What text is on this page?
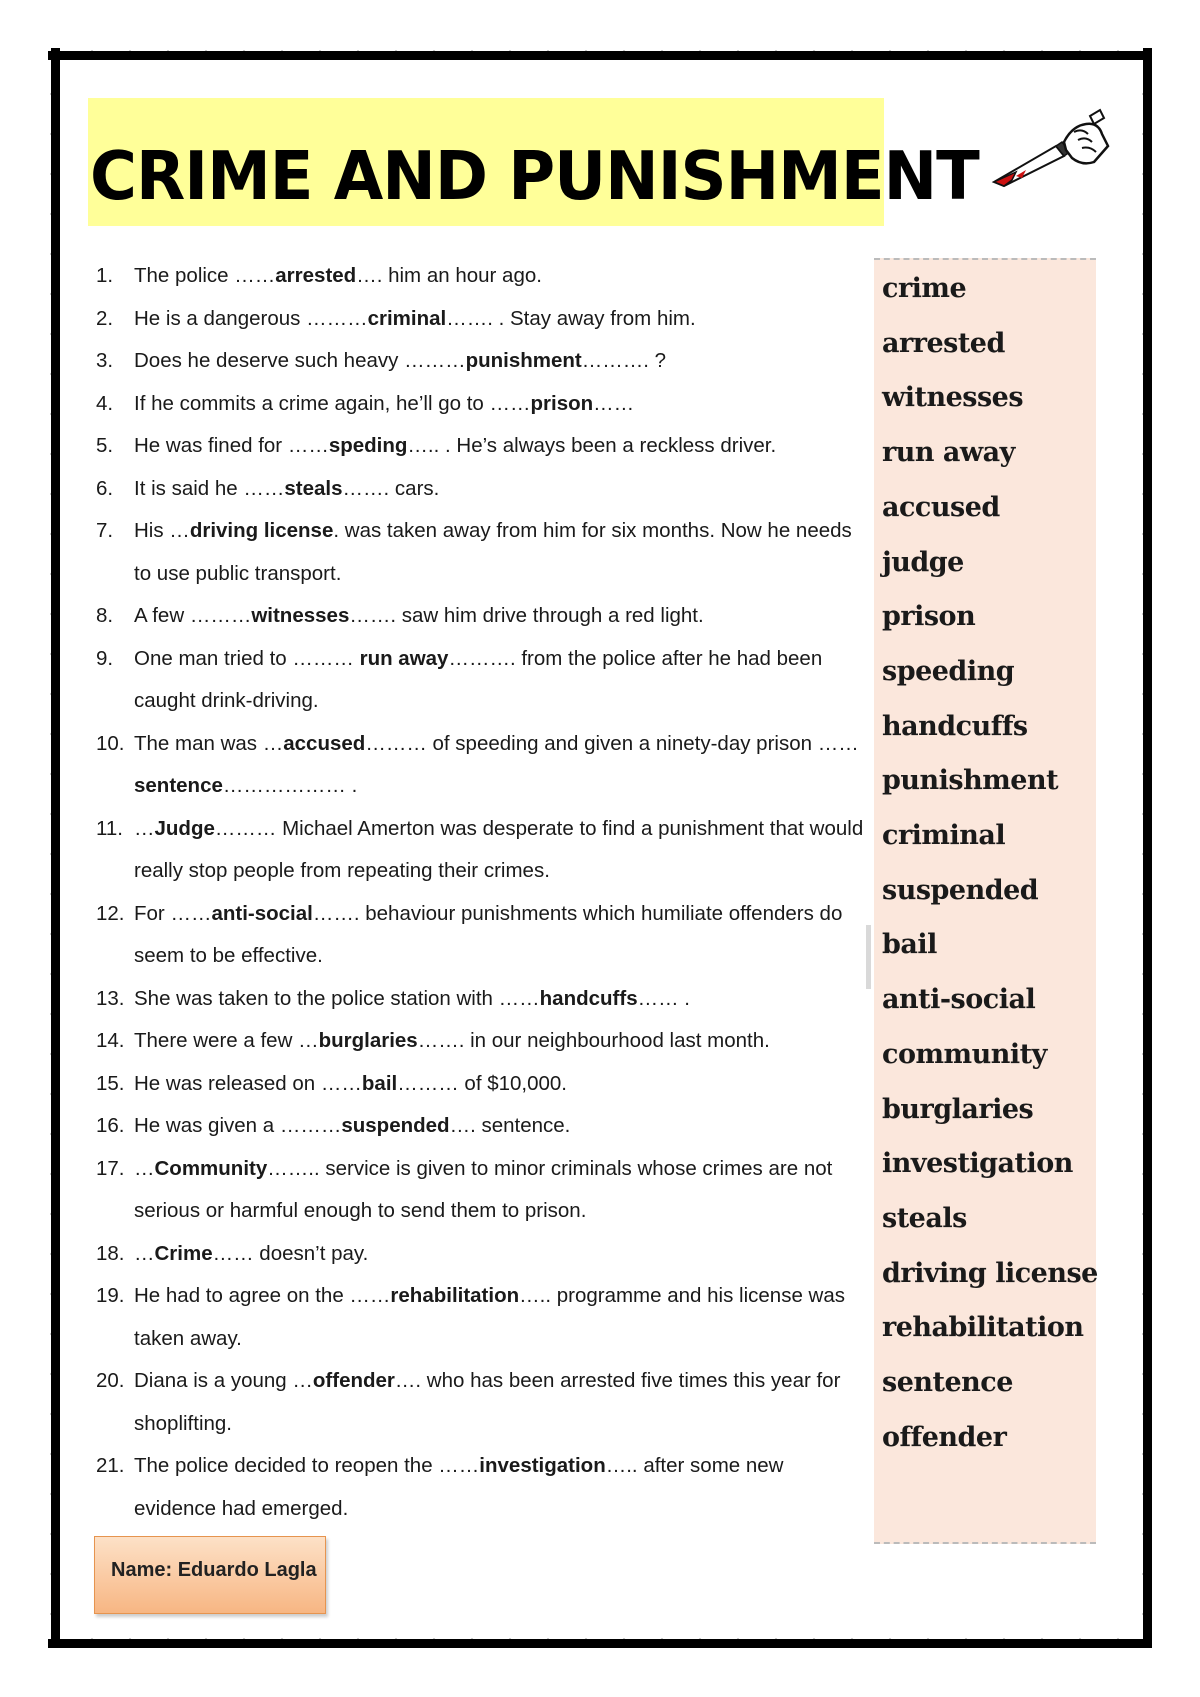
CRIME AND PUNISHMENT
1. The police ……arrested…. him an hour ago.
2. He is a dangerous ………criminal……. . Stay away from him.
3. Does he deserve such heavy ………punishment………. ?
4. If he commits a crime again, he’ll go to ……prison……
5. He was fined for ……speding….. . He’s always been a reckless driver.
6. It is said he ……steals……. cars.
7. His …driving license. was taken away from him for six months. Now he needs to use public transport.
8. A few ………witnesses……. saw him drive through a red light.
9. One man tried to ……… run away………. from the police after he had been caught drink-driving.
10. The man was …accused……… of speeding and given a ninety-day prison ……sentence……………… .
11. …Judge……… Michael Amerton was desperate to find a punishment that would really stop people from repeating their crimes.
12. For ……anti-social……. behaviour punishments which humiliate offenders do seem to be effective.
13. She was taken to the police station with ……handcuffs…… .
14. There were a few …burglaries……. in our neighbourhood last month.
15. He was released on ……bail……… of $10,000.
16. He was given a ………suspended…. sentence.
17. …Community…….. service is given to minor criminals whose crimes are not serious or harmful enough to send them to prison.
18. …Crime…… doesn’t pay.
19. He had to agree on the ……rehabilitation….. programme and his license was taken away.
20. Diana is a young …offender…. who has been arrested five times this year for shoplifting.
21. The police decided to reopen the ……investigation….. after some new evidence had emerged.
crime
arrested
witnesses
run away
accused
judge
prison
speeding
handcuffs
punishment
criminal
suspended
bail
anti-social
community
burglaries
investigation
steals
driving license
rehabilitation
sentence
offender
Name: Eduardo Lagla
